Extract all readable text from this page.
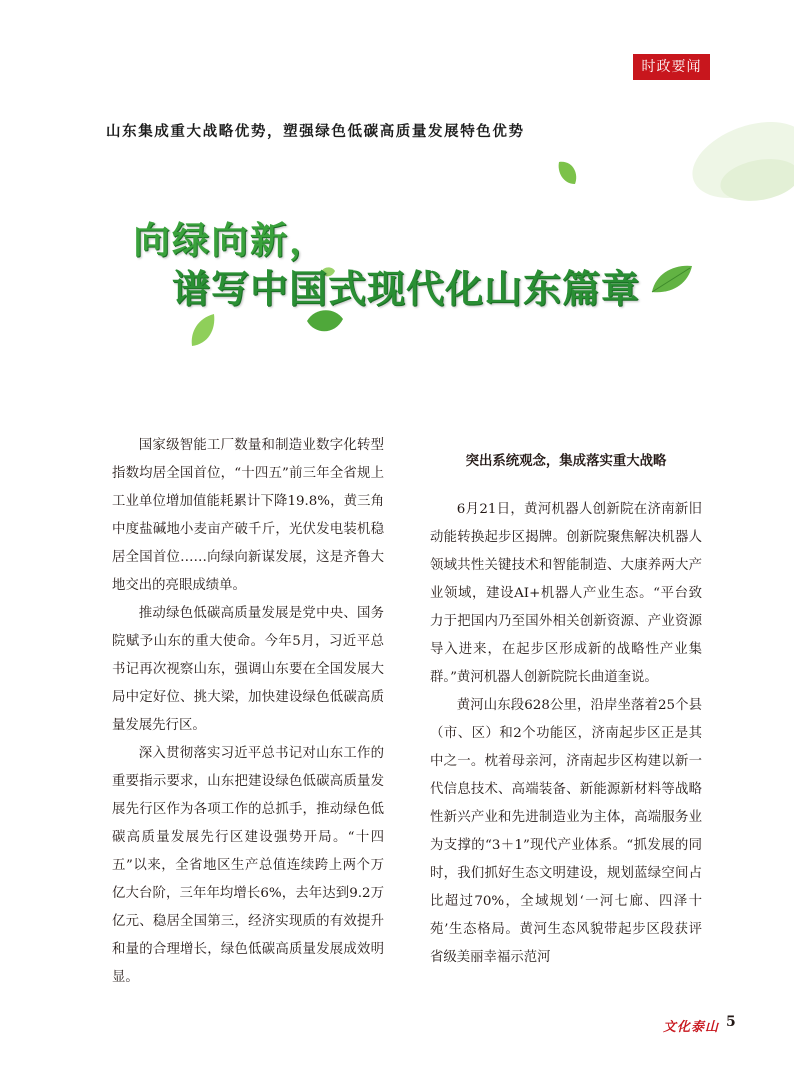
时政要闻
山东集成重大战略优势，塑强绿色低碳高质量发展特色优势
向绿向新，
谱写中国式现代化山东篇章

国家级智能工厂数量和制造业数字化转型指数均居全国首位，“十四五”前三年全省规上工业单位增加值能耗累计下降19.8%，黄三角中度盐碱地小麦亩产破千斤，光伏发电装机稳居全国首位……向绿向新谋发展，这是齐鲁大地交出的亮眼成绩单。

推动绿色低碳高质量发展是党中央、国务院赋予山东的重大使命。今年5月，习近平总书记再次视察山东，强调山东要在全国发展大局中定好位、挑大梁，加快建设绿色低碳高质量发展先行区。

深入贯彻落实习近平总书记对山东工作的重要指示要求，山东把建设绿色低碳高质量发展先行区作为各项工作的总抓手，推动绿色低碳高质量发展先行区建设强势开局。“十四五”以来，全省地区生产总值连续跨上两个万亿大台阶，三年年均增长6%，去年达到9.2万亿元、稳居全国第三，经济实现质的有效提升和量的合理增长，绿色低碳高质量发展成效明显。

突出系统观念，集成落实重大战略

6月21日，黄河机器人创新院在济南新旧动能转换起步区揭牌。创新院聚焦解决机器人领域共性关键技术和智能制造、大康养两大产业领域，建设AI+机器人产业生态。“平台致力于把国内乃至国外相关创新资源、产业资源导入进来，在起步区形成新的战略性产业集群。”黄河机器人创新院院长曲道奎说。

黄河山东段628公里，沿岸坐落着25个县（市、区）和2个功能区，济南起步区正是其中之一。枕着母亲河，济南起步区构建以新一代信息技术、高端装备、新能源新材料等战略性新兴产业和先进制造业为主体，高端服务业为支撑的“3＋1”现代产业体系。“抓发展的同时，我们抓好生态文明建设，规划蓝绿空间占比超过70%，全域规划‘一河七廊、四泽十苑’生态格局。黄河生态风貌带起步区段获评省级美丽幸福示范河

文化泰山 5
